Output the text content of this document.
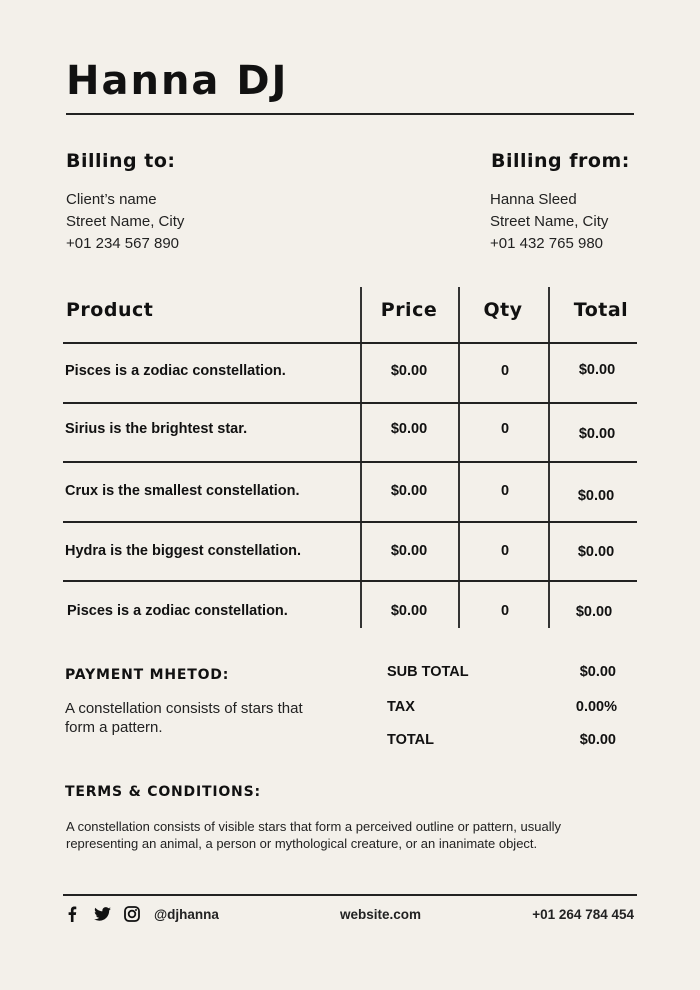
Hanna DJ
Billing to:
Client’s name
Street Name, City
+01 234 567 890
Billing from:
Hanna Sleed
Street Name, City
+01 432 765 980
Product	Price	Qty	Total
Pisces is a zodiac constellation.	$0.00	0	$0.00
Sirius is the brightest star.	$0.00	0	$0.00
Crux is the smallest constellation.	$0.00	0	$0.00
Hydra is the biggest constellation.	$0.00	0	$0.00
Pisces is a zodiac constellation.	$0.00	0	$0.00
PAYMENT MHETOD:
A constellation consists of stars that form a pattern.
SUB TOTAL	$0.00
TAX	0.00%
TOTAL	$0.00
TERMS & CONDITIONS:
A constellation consists of visible stars that form a perceived outline or pattern, usually representing an animal, a person or mythological creature, or an inanimate object.
@djhanna	website.com	+01 264 784 454
